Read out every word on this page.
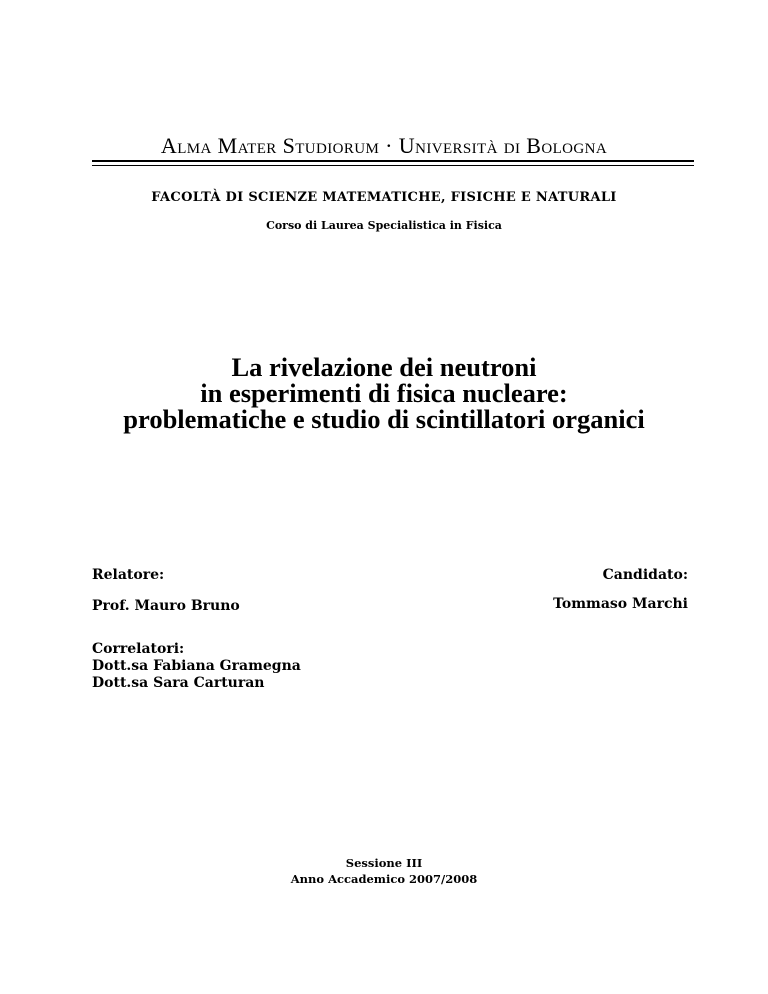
Alma Mater Studiorum · Università di Bologna
FACOLTÀ DI SCIENZE MATEMATICHE, FISICHE E NATURALI
Corso di Laurea Specialistica in Fisica
La rivelazione dei neutroni
in esperimenti di fisica nucleare:
problematiche e studio di scintillatori organici
Relatore:
Prof. Mauro Bruno
Candidato:
Tommaso Marchi
Correlatori:
Dott.sa Fabiana Gramegna
Dott.sa Sara Carturan
Sessione III
Anno Accademico 2007/2008
